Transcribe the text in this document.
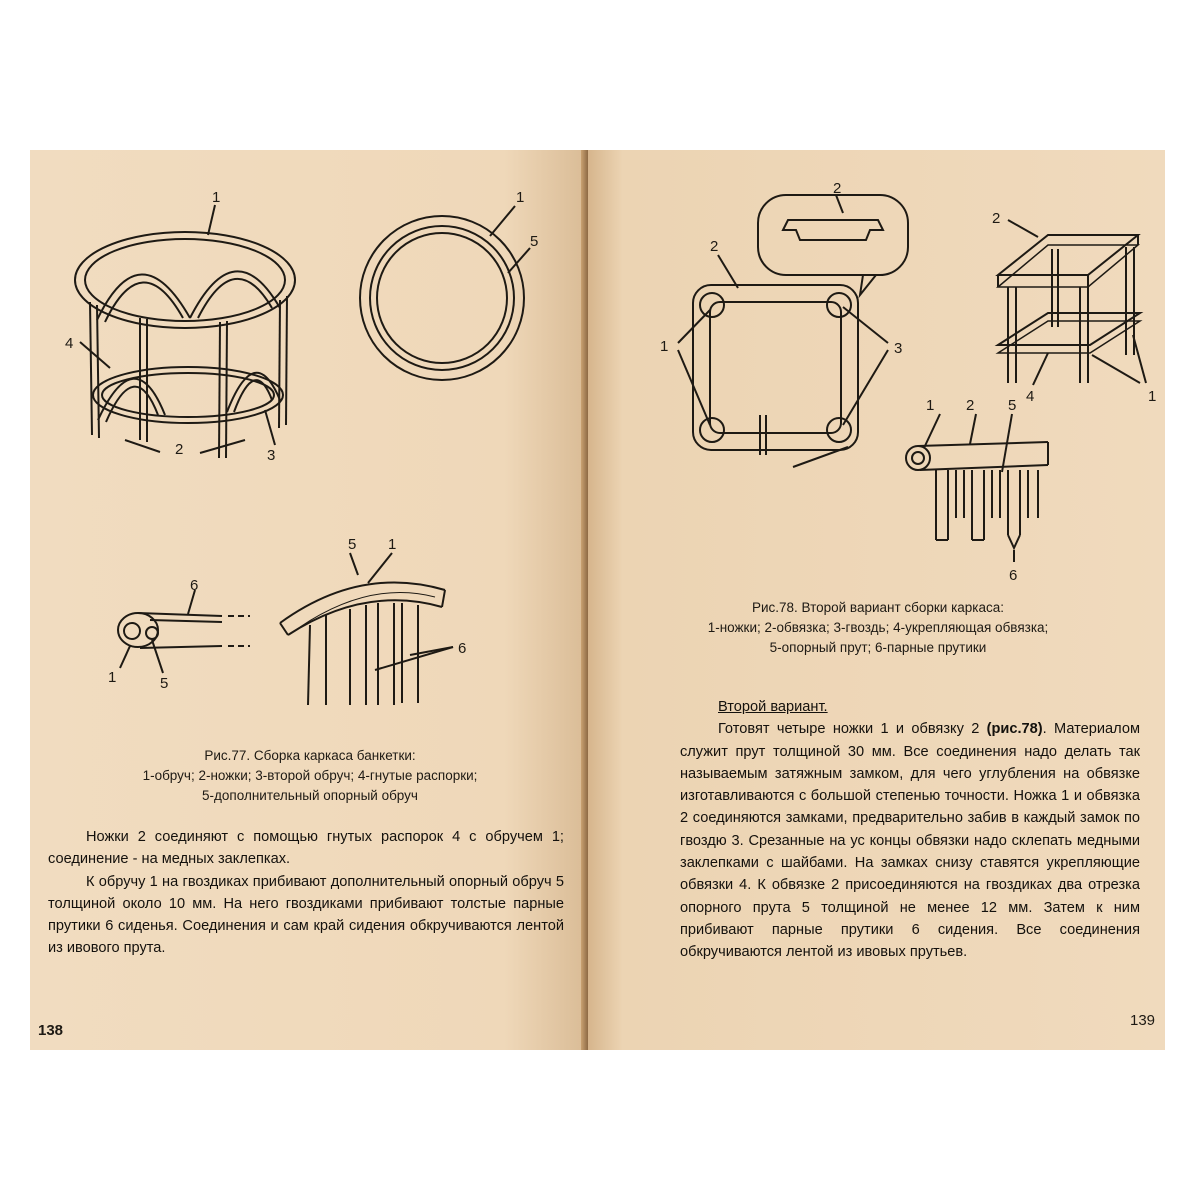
1
4
2	3
1
5
6
1	5
5 1
6
Рис.77. Сборка каркаса банкетки:
1-обруч; 2-ножки; 3-второй обруч; 4-гнутые распорки;
5-дополнительный опорный обруч

Ножки 2 соединяют с помощью гнутых распорок 4 с обручем 1; соединение - на медных заклепках.

К обручу 1 на гвоздиках прибивают дополнительный опорный обруч 5 толщиной около 10 мм. На него гвоздиками прибивают толстые парные прутики 6 сиденья. Соединения и сам край сидения обкручиваются лентой из ивового прута.

138
2
2
1	3
2
4	1
1 2 5
6
Рис.78. Второй вариант сборки каркаса:
1-ножки; 2-обвязка; 3-гвоздь; 4-укрепляющая обвязка;
5-опорный прут; 6-парные прутики
Второй вариант.

Готовят четыре ножки 1 и обвязку 2 (рис.78). Материалом служит прут толщиной 30 мм. Все соединения надо делать так называемым затяжным замком, для чего углубления на обвязке изготавливаются с большой степенью точности. Ножка 1 и обвязка 2 соединяются замками, предварительно забив в каждый замок по гвоздю 3. Срезанные на ус концы обвязки надо склепать медными заклепками с шайбами. На замках снизу ставятся укрепляющие обвязки 4. К обвязке 2 присоединяются на гвоздиках два отрезка опорного прута 5 толщиной не менее 12 мм. Затем к ним прибивают парные прутики 6 сидения. Все соединения обкручиваются лентой из ивовых прутьев.

139
